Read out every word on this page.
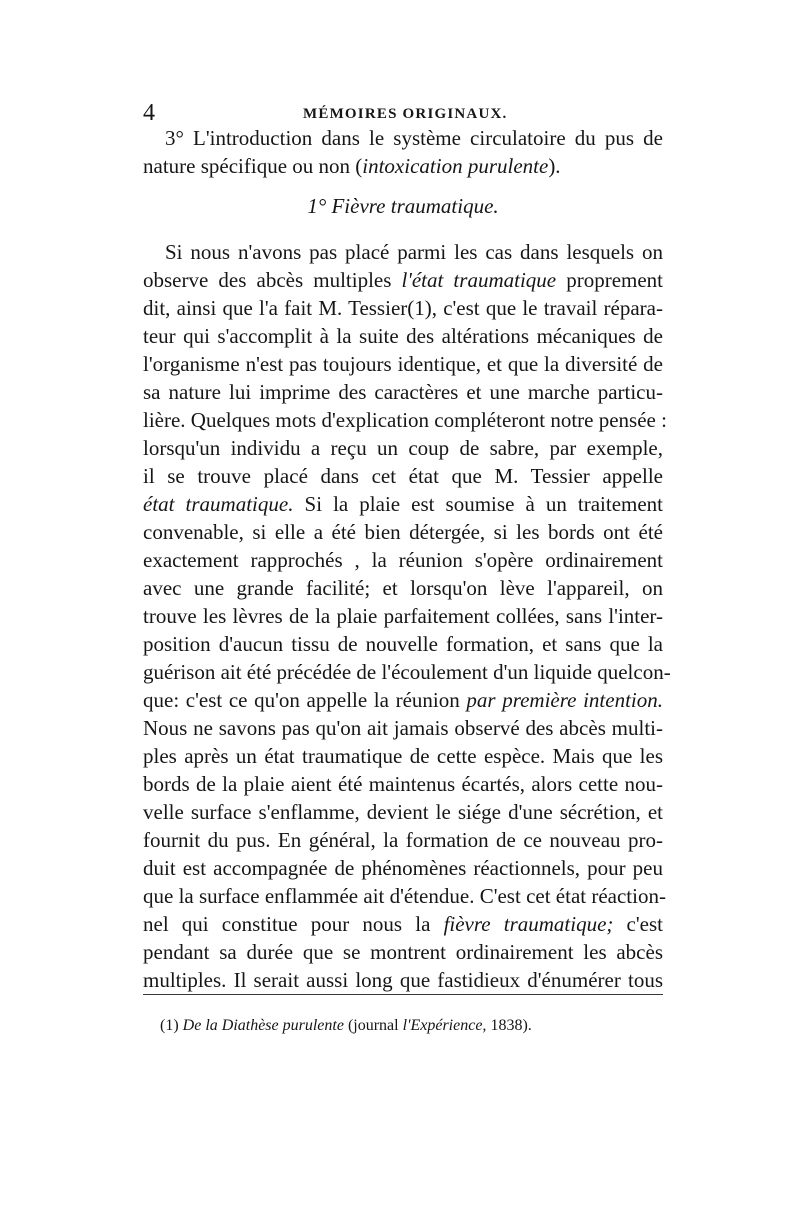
4	MÉMOIRES ORIGINAUX.
3° L'introduction dans le système circulatoire du pus de
nature spécifique ou non (intoxication purulente).
1° Fièvre traumatique.
Si nous n'avons pas placé parmi les cas dans lesquels on
observe des abcès multiples l'état traumatique proprement
dit, ainsi que l'a fait M. Tessier(1), c'est que le travail répara-
teur qui s'accomplit à la suite des altérations mécaniques de
l'organisme n'est pas toujours identique, et que la diversité de
sa nature lui imprime des caractères et une marche particu-
lière. Quelques mots d'explication compléteront notre pensée :
lorsqu'un individu a reçu un coup de sabre, par exemple,
il se trouve placé dans cet état que M. Tessier appelle
état traumatique. Si la plaie est soumise à un traitement
convenable, si elle a été bien détergée, si les bords ont été
exactement rapprochés , la réunion s'opère ordinairement
avec une grande facilité; et lorsqu'on lève l'appareil, on
trouve les lèvres de la plaie parfaitement collées, sans l'inter-
position d'aucun tissu de nouvelle formation, et sans que la
guérison ait été précédée de l'écoulement d'un liquide quelcon-
que: c'est ce qu'on appelle la réunion par première intention.
Nous ne savons pas qu'on ait jamais observé des abcès multi-
ples après un état traumatique de cette espèce. Mais que les
bords de la plaie aient été maintenus écartés, alors cette nou-
velle surface s'enflamme, devient le siége d'une sécrétion, et
fournit du pus. En général, la formation de ce nouveau pro-
duit est accompagnée de phénomènes réactionnels, pour peu
que la surface enflammée ait d'étendue. C'est cet état réaction-
nel qui constitue pour nous la fièvre traumatique; c'est
pendant sa durée que se montrent ordinairement les abcès
multiples. Il serait aussi long que fastidieux d'énumérer tous
(1) De la Diathèse purulente (journal l'Expérience, 1838).
